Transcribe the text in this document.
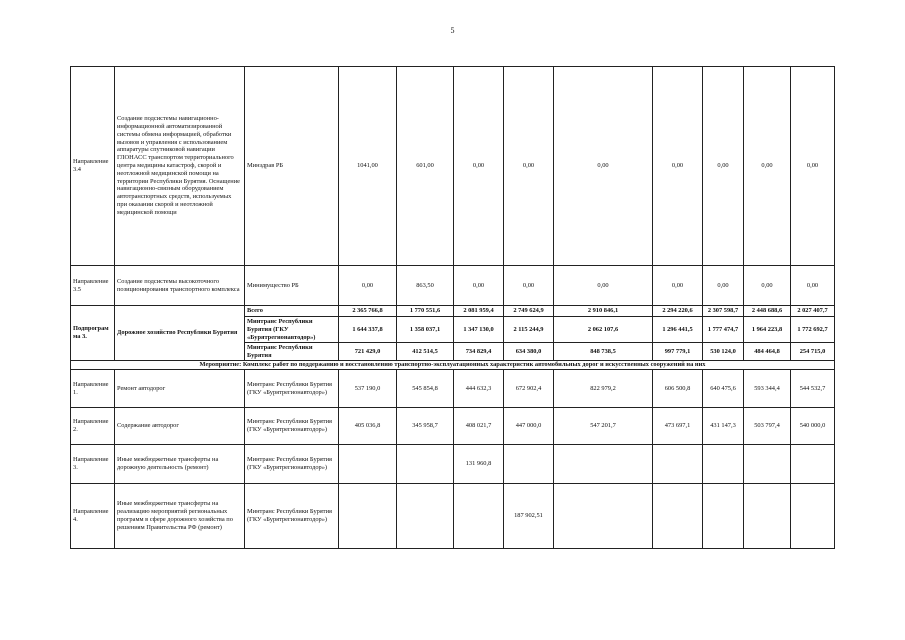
5
Направление 3.4	Создание подсистемы навигационно-информационной автоматизированной системы обмена информацией, обработки вызовов и управления с использованием аппаратуры спутниковой навигации ГЛОНАСС транспортом территориального центра медицины катастроф, скорой и неотложной медицинской помощи на территории Республики Бурятия. Оснащение навигационно-связным оборудованием автотранспортных средств, используемых при оказании скорой и неотложной медицинской помощи	Минздрав РБ	1041,00	601,00	0,00	0,00	0,00	0,00	0,00	0,00	0,00
Направление 3.5	Создание подсистемы высокоточного позиционирования транспортного комплекса	Минимущество РБ	0,00	863,50	0,00	0,00	0,00	0,00	0,00	0,00	0,00
Подпрограмма 3.	Дорожное хозяйство Республики Бурятия	Всего	2 365 766,8	1 770 551,6	2 081 959,4	2 749 624,9	2 910 846,1	2 294 220,6	2 307 598,7	2 448 688,6	2 027 407,7
		Минтранс Республики Бурятия (ГКУ «Бурятрегионавтодор»)	1 644 337,8	1 358 037,1	1 347 130,0	2 115 244,9	2 062 107,6	1 296 441,5	1 777 474,7	1 964 223,8	1 772 692,7
		Минтранс Республики Бурятия	721 429,0	412 514,5	734 829,4	634 380,0	848 738,5	997 779,1	530 124,0	484 464,8	254 715,0
Мероприятие: Комплекс работ по поддержанию и восстановлению транспортно-эксплуатационных характеристик автомобильных дорог и искусственных сооружений на них											
Направление 1.	Ремонт автодорог	Минтранс Республики Бурятия (ГКУ «Бурятрегионавтодор»)	537 190,0	545 854,8	444 632,3	672 902,4	822 979,2	606 500,8	640 475,6	593 344,4	544 532,7
Направление 2.	Содержание автодорог	Минтранс Республики Бурятия (ГКУ «Бурятрегионавтодор»)	405 036,8	345 958,7	408 021,7	447 000,0	547 201,7	473 697,1	431 147,3	503 797,4	540 000,0
Направление 3.	Иные межбюджетные трансферты на дорожную деятельность (ремонт)	Минтранс Республики Бурятия (ГКУ «Бурятрегионавтодор»)			131 960,8						
Направление 4.	Иные межбюджетные трансферты на реализацию мероприятий региональных программ в сфере дорожного хозяйства по решениям Правительства РФ (ремонт)	Минтранс Республики Бурятия (ГКУ «Бурятрегионавтодор»)				187 902,51					
